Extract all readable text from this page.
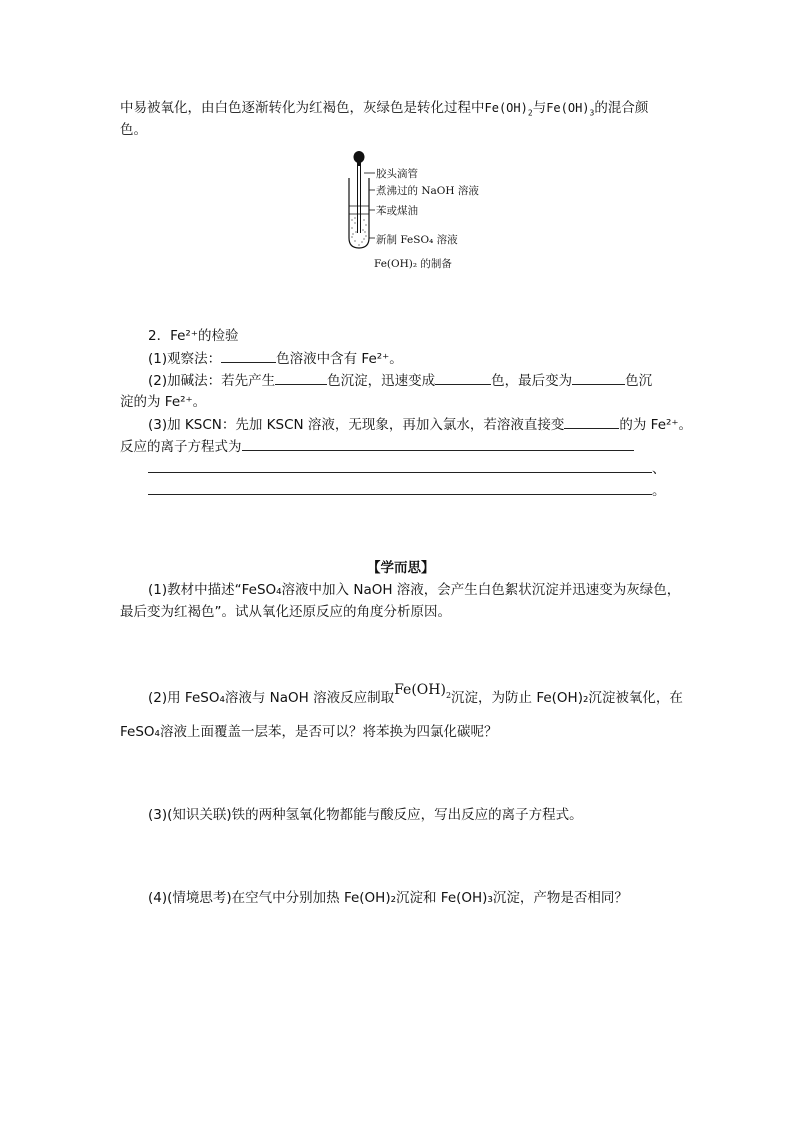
中易被氧化，由白色逐渐转化为红褐色，灰绿色是转化过程中$Fe(OH)_2$与$Fe(OH)_3$的混合颜
色。
胶头滴管
煮沸过的 NaOH 溶液
苯或煤油
新制 FeSO₄ 溶液
Fe(OH)₂ 的制备
2．Fe²⁺的检验
(1)观察法：	色溶液中含有 Fe²⁺。
(2)加碱法：若先产生	色沉淀，迅速变成	色，最后变为	色沉
淀的为 Fe²⁺。
(3)加 KSCN：先加 KSCN 溶液，无现象，再加入氯水，若溶液直接变	的为 Fe²⁺。
反应的离子方程式为
、
。
【学而思】
(1)教材中描述“FeSO₄溶液中加入 NaOH 溶液，会产生白色絮状沉淀并迅速变为灰绿色，
最后变为红褐色”。试从氧化还原反应的角度分析原因。
(2)用 FeSO₄溶液与 NaOH 溶液反应制取$Fe(OH)_2$沉淀，为防止 Fe(OH)₂沉淀被氧化，在
FeSO₄溶液上面覆盖一层苯，是否可以？将苯换为四氯化碳呢？
(3)(知识关联)铁的两种氢氧化物都能与酸反应，写出反应的离子方程式。
(4)(情境思考)在空气中分别加热 Fe(OH)₂沉淀和 Fe(OH)₃沉淀，产物是否相同？
